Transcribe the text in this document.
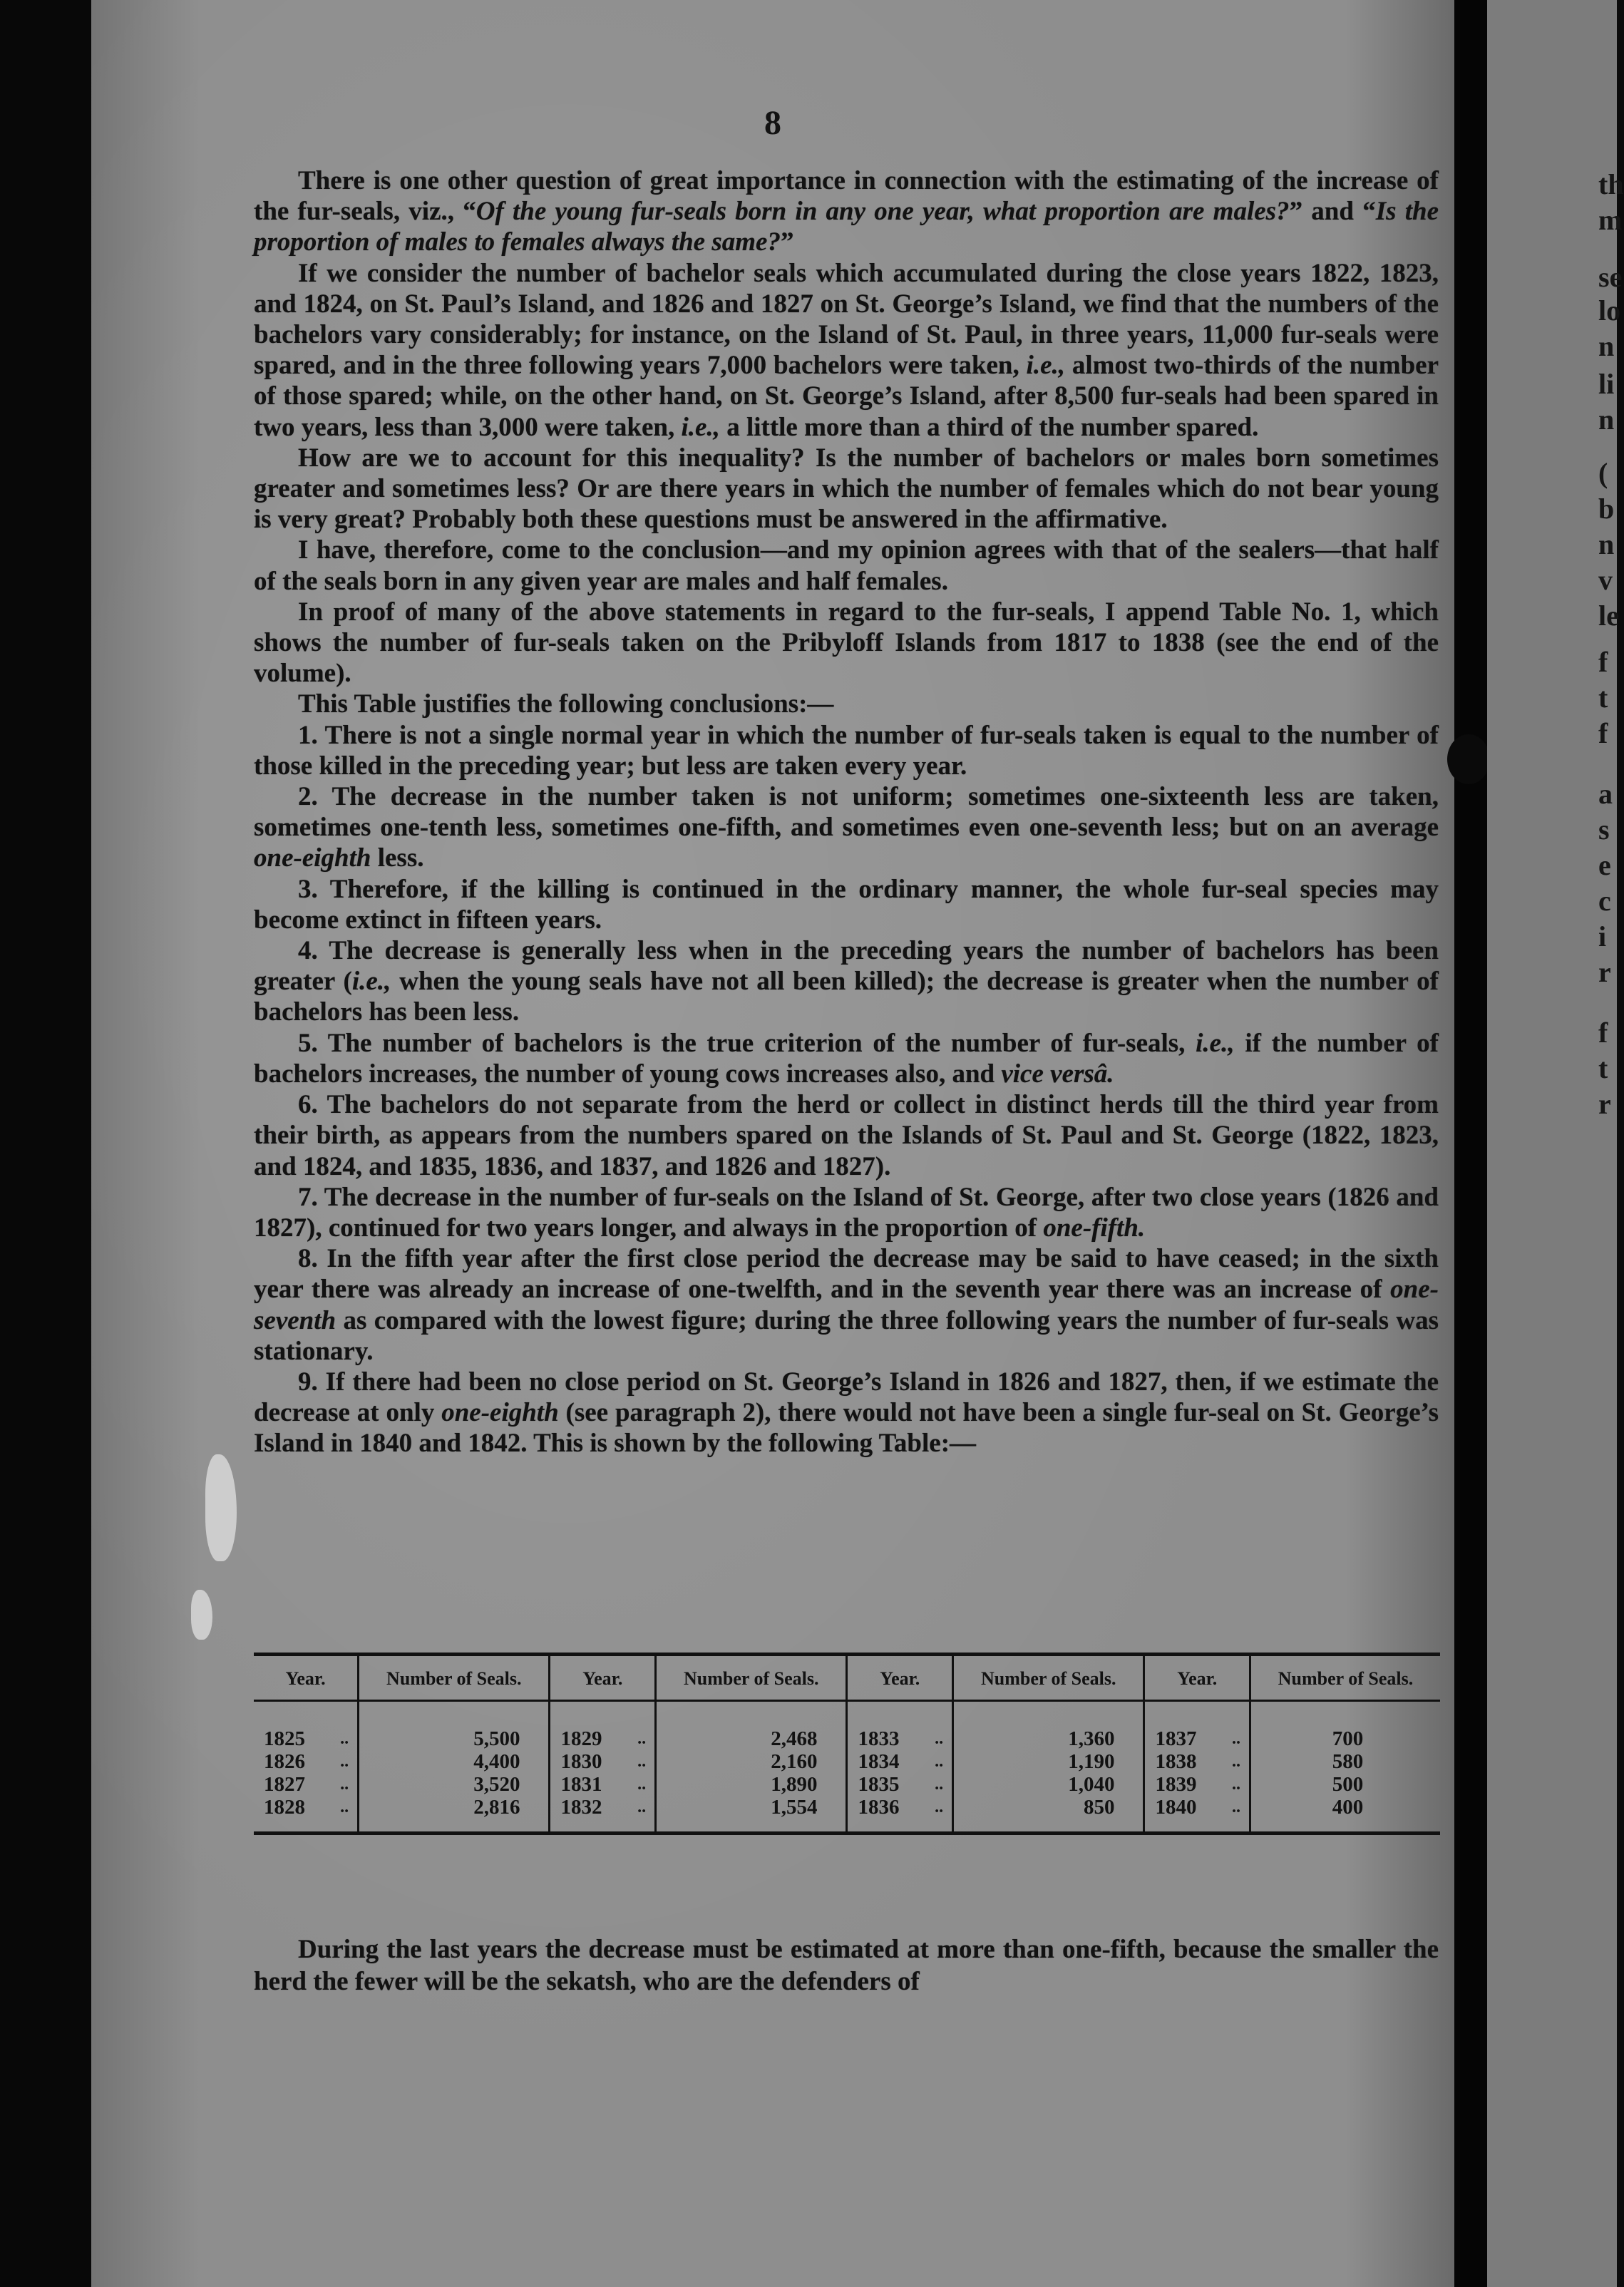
8

There is one other question of great importance in connection with the estimating of the increase of the fur-seals, viz., “Of the young fur-seals born in any one year, what proportion are males?” and “Is the proportion of males to females always the same?”

If we consider the number of bachelor seals which accumulated during the close years 1822, 1823, and 1824, on St. Paul’s Island, and 1826 and 1827 on St. George’s Island, we find that the numbers of the bachelors vary considerably; for instance, on the Island of St. Paul, in three years, 11,000 fur-seals were spared, and in the three following years 7,000 bachelors were taken, i.e., almost two-thirds of the number of those spared; while, on the other hand, on St. George’s Island, after 8,500 fur-seals had been spared in two years, less than 3,000 were taken, i.e., a little more than a third of the number spared.

How are we to account for this inequality? Is the number of bachelors or males born sometimes greater and sometimes less? Or are there years in which the number of females which do not bear young is very great? Probably both these questions must be answered in the affirmative.

I have, therefore, come to the conclusion—and my opinion agrees with that of the sealers—that half of the seals born in any given year are males and half females.

In proof of many of the above statements in regard to the fur-seals, I append Table No. 1, which shows the number of fur-seals taken on the Pribyloff Islands from 1817 to 1838 (see the end of the volume).

This Table justifies the following conclusions:—

1. There is not a single normal year in which the number of fur-seals taken is equal to the number of those killed in the preceding year; but less are taken every year.

2. The decrease in the number taken is not uniform; sometimes one-sixteenth less are taken, sometimes one-tenth less, sometimes one-fifth, and sometimes even one-seventh less; but on an average one-eighth less.

3. Therefore, if the killing is continued in the ordinary manner, the whole fur-seal species may become extinct in fifteen years.

4. The decrease is generally less when in the preceding years the number of bachelors has been greater (i.e., when the young seals have not all been killed); the decrease is greater when the number of bachelors has been less.

5. The number of bachelors is the true criterion of the number of fur-seals, i.e., if the number of bachelors increases, the number of young cows increases also, and vice versâ.

6. The bachelors do not separate from the herd or collect in distinct herds till the third year from their birth, as appears from the numbers spared on the Islands of St. Paul and St. George (1822, 1823, and 1824, and 1835, 1836, and 1837, and 1826 and 1827).

7. The decrease in the number of fur-seals on the Island of St. George, after two close years (1826 and 1827), continued for two years longer, and always in the proportion of one-fifth.

8. In the fifth year after the first close period the decrease may be said to have ceased; in the sixth year there was already an increase of one-twelfth, and in the seventh year there was an increase of one-seventh as compared with the lowest figure; during the three following years the number of fur-seals was stationary.

9. If there had been no close period on St. George’s Island in 1826 and 1827, then, if we estimate the decrease at only one-eighth (see paragraph 2), there would not have been a single fur-seal on St. George’s Island in 1840 and 1842. This is shown by the following Table:—

Year.		Number of Seals.	Year.		Number of Seals.	Year.		Number of Seals.	Year.		Number of Seals.
1825	..	5,500	1829	..	2,468	1833	..	1,360	1837	..	700
1826	..	4,400	1830	..	2,160	1834	..	1,190	1838	..	580
1827	..	3,520	1831	..	1,890	1835	..	1,040	1839	..	500
1828	..	2,816	1832	..	1,554	1836	..	850	1840	..	400

During the last years the decrease must be estimated at more than one-fifth, because the smaller the herd the fewer will be the sekatsh, who are the defenders of

th
m
se
lo
n
li
n
(
b
n
v
le
f
t
f
a
s
e
c
i
r
f
t
r
